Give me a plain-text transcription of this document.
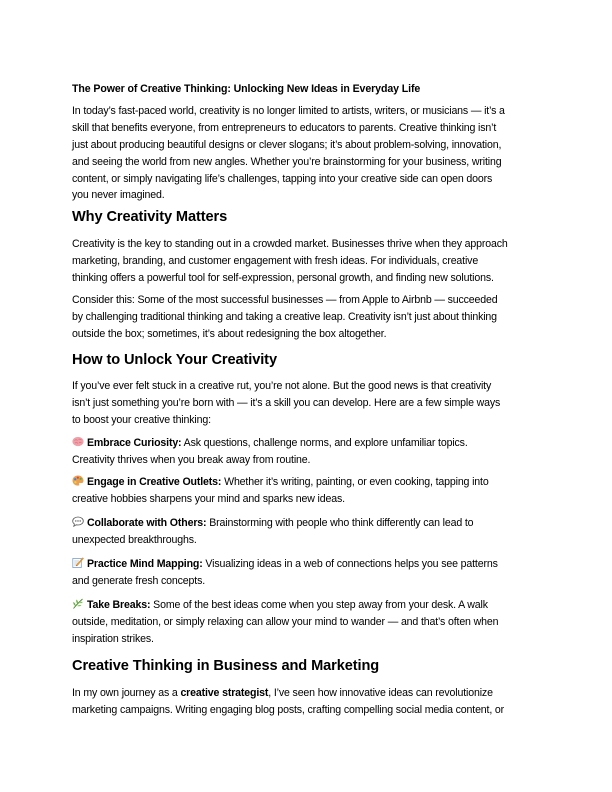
The Power of Creative Thinking: Unlocking New Ideas in Everyday Life
In today’s fast-paced world, creativity is no longer limited to artists, writers, or musicians — it’s a
skill that benefits everyone, from entrepreneurs to educators to parents. Creative thinking isn’t
just about producing beautiful designs or clever slogans; it’s about problem-solving, innovation,
and seeing the world from new angles. Whether you’re brainstorming for your business, writing
content, or simply navigating life’s challenges, tapping into your creative side can open doors
you never imagined.
Why Creativity Matters
Creativity is the key to standing out in a crowded market. Businesses thrive when they approach
marketing, branding, and customer engagement with fresh ideas. For individuals, creative
thinking offers a powerful tool for self-expression, personal growth, and finding new solutions.
Consider this: Some of the most successful businesses — from Apple to Airbnb — succeeded
by challenging traditional thinking and taking a creative leap. Creativity isn’t just about thinking
outside the box; sometimes, it’s about redesigning the box altogether.
How to Unlock Your Creativity
If you’ve ever felt stuck in a creative rut, you’re not alone. But the good news is that creativity
isn’t just something you’re born with — it’s a skill you can develop. Here are a few simple ways
to boost your creative thinking:
Embrace Curiosity: Ask questions, challenge norms, and explore unfamiliar topics.
Creativity thrives when you break away from routine.
Engage in Creative Outlets: Whether it’s writing, painting, or even cooking, tapping into
creative hobbies sharpens your mind and sparks new ideas.
Collaborate with Others: Brainstorming with people who think differently can lead to
unexpected breakthroughs.
Practice Mind Mapping: Visualizing ideas in a web of connections helps you see patterns
and generate fresh concepts.
Take Breaks: Some of the best ideas come when you step away from your desk. A walk
outside, meditation, or simply relaxing can allow your mind to wander — and that’s often when
inspiration strikes.
Creative Thinking in Business and Marketing
In my own journey as a creative strategist, I’ve seen how innovative ideas can revolutionize
marketing campaigns. Writing engaging blog posts, crafting compelling social media content, or
